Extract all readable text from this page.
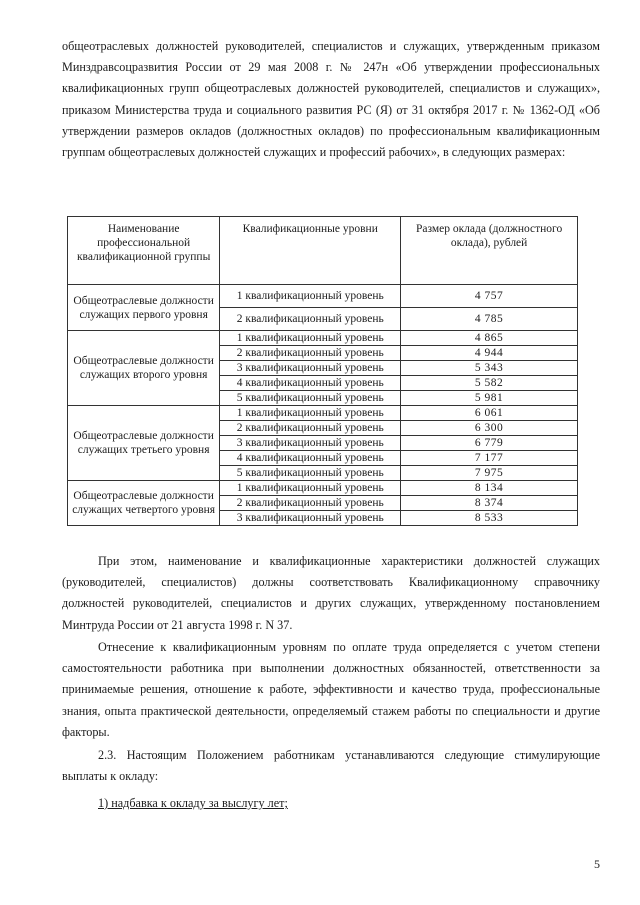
общеотраслевых должностей руководителей, специалистов и служащих, утвержденным приказом Минздравсоцразвития России от 29 мая 2008 г. № 247н «Об утверждении профессиональных квалификационных групп общеотраслевых должностей руководителей, специалистов и служащих», приказом Министерства труда и социального развития РС (Я) от 31 октября 2017 г. № 1362-ОД «Об утверждении размеров окладов (должностных окладов) по профессиональным квалификационным группам общеотраслевых должностей служащих и профессий рабочих», в следующих размерах:

Наименование профессиональной квалификационной группы	Квалификационные уровни	Размер оклада (должностного оклада), рублей
Общеотраслевые должности служащих первого уровня	1 квалификационный уровень	4 757
	2 квалификационный уровень	4 785
Общеотраслевые должности служащих второго уровня	1 квалификационный уровень	4 865
	2 квалификационный уровень	4 944
	3 квалификационный уровень	5 343
	4 квалификационный уровень	5 582
	5 квалификационный уровень	5 981
Общеотраслевые должности служащих третьего уровня	1 квалификационный уровень	6 061
	2 квалификационный уровень	6 300
	3 квалификационный уровень	6 779
	4 квалификационный уровень	7 177
	5 квалификационный уровень	7 975
Общеотраслевые должности служащих четвертого уровня	1 квалификационный уровень	8 134
	2 квалификационный уровень	8 374
	3 квалификационный уровень	8 533

При этом, наименование и квалификационные характеристики должностей служащих (руководителей, специалистов) должны соответствовать Квалификационному справочнику должностей руководителей, специалистов и других служащих, утвержденному постановлением Минтруда России от 21 августа 1998 г. N 37.

Отнесение к квалификационным уровням по оплате труда определяется с учетом степени самостоятельности работника при выполнении должностных обязанностей, ответственности за принимаемые решения, отношение к работе, эффективности и качество труда, профессиональные знания, опыта практической деятельности, определяемый стажем работы по специальности и другие факторы.

2.3. Настоящим Положением работникам устанавливаются следующие стимулирующие выплаты к окладу:

1) надбавка к окладу за выслугу лет;

5
